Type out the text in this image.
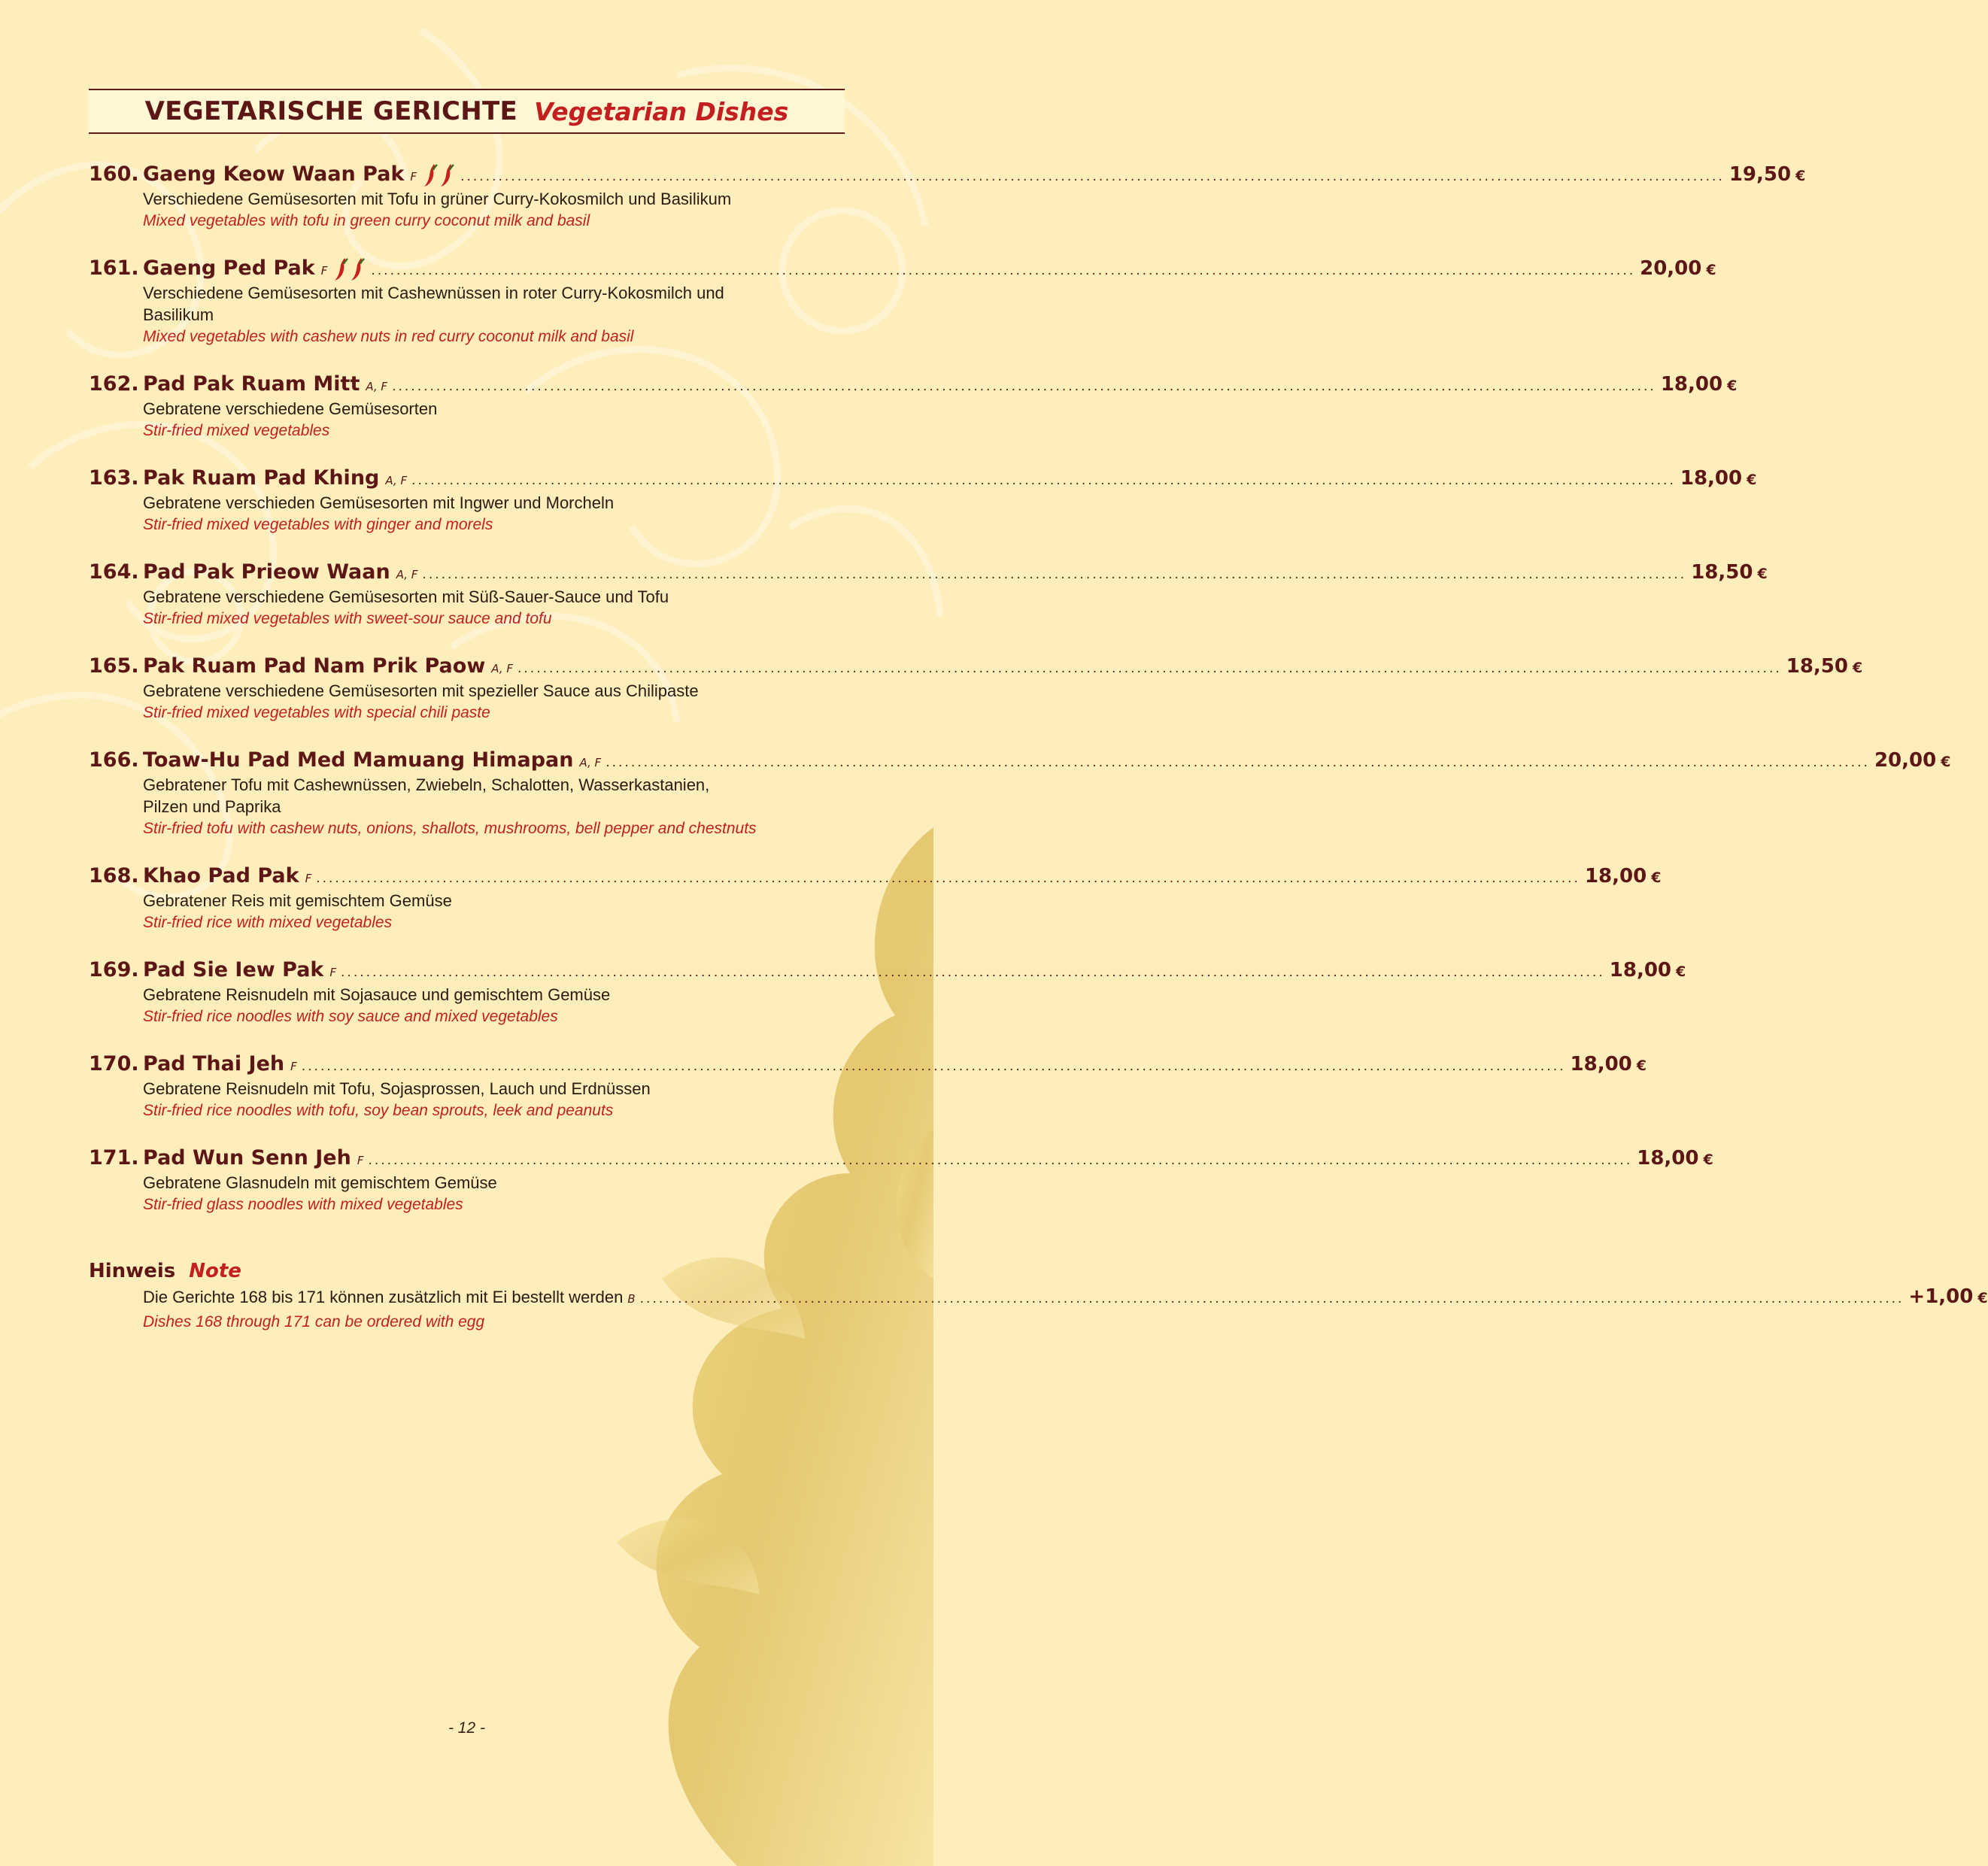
VEGETARISCHE GERICHTE Vegetarian Dishes
160. Gaeng Keow Waan Pak F	........................................................................................................................................................................................................ 19,50 €
Verschiedene Gemüsesorten mit Tofu in grüner Curry-Kokosmilch und Basilikum
Mixed vegetables with tofu in green curry coconut milk and basil
161. Gaeng Ped Pak F	........................................................................................................................................................................................................ 20,00 €
Verschiedene Gemüsesorten mit Cashewnüssen in roter Curry-Kokosmilch und Basilikum
Mixed vegetables with cashew nuts in red curry coconut milk and basil
162. Pad Pak Ruam Mitt A, F ........................................................................................................................................................................................................ 18,00 €
Gebratene verschiedene Gemüsesorten
Stir-fried mixed vegetables
163. Pak Ruam Pad Khing A, F ........................................................................................................................................................................................................ 18,00 €
Gebratene verschieden Gemüsesorten mit Ingwer und Morcheln
Stir-fried mixed vegetables with ginger and morels
164. Pad Pak Prieow Waan A, F ........................................................................................................................................................................................................ 18,50 €
Gebratene verschiedene Gemüsesorten mit Süß-Sauer-Sauce und Tofu
Stir-fried mixed vegetables with sweet-sour sauce and tofu
165. Pak Ruam Pad Nam Prik Paow A, F ........................................................................................................................................................................................................ 18,50 €
Gebratene verschiedene Gemüsesorten mit spezieller Sauce aus Chilipaste
Stir-fried mixed vegetables with special chili paste
166. Toaw-Hu Pad Med Mamuang Himapan A, F ........................................................................................................................................................................................................ 20,00 €
Gebratener Tofu mit Cashewnüssen, Zwiebeln, Schalotten, Wasserkastanien, Pilzen und Paprika
Stir-fried tofu with cashew nuts, onions, shallots, mushrooms, bell pepper and chestnuts
168. Khao Pad Pak F ........................................................................................................................................................................................................ 18,00 €
Gebratener Reis mit gemischtem Gemüse
Stir-fried rice with mixed vegetables
169. Pad Sie Iew Pak F ........................................................................................................................................................................................................ 18,00 €
Gebratene Reisnudeln mit Sojasauce und gemischtem Gemüse
Stir-fried rice noodles with soy sauce and mixed vegetables
170. Pad Thai Jeh F ........................................................................................................................................................................................................ 18,00 €
Gebratene Reisnudeln mit Tofu, Sojasprossen, Lauch und Erdnüssen
Stir-fried rice noodles with tofu, soy bean sprouts, leek and peanuts
171. Pad Wun Senn Jeh F ........................................................................................................................................................................................................ 18,00 €
Gebratene Glasnudeln mit gemischtem Gemüse
Stir-fried glass noodles with mixed vegetables
Hinweis Note
Die Gerichte 168 bis 171 können zusätzlich mit Ei bestellt werden B ........................................................................................................................................................................................................ +1,00 €
Dishes 168 through 171 can be ordered with egg
- 12 -
